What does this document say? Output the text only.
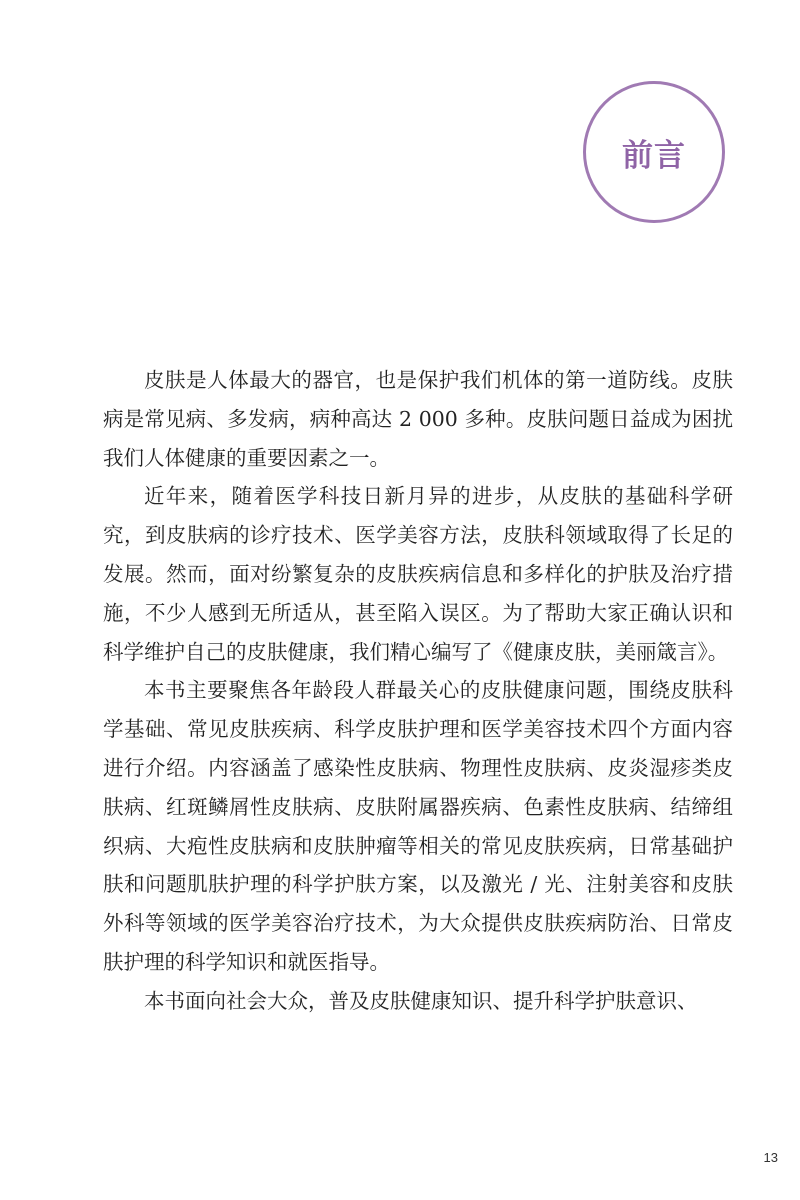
前言

皮肤是人体最大的器官，也是保护我们机体的第一道防线。皮肤病是常见病、多发病，病种高达 2 000 多种。皮肤问题日益成为困扰我们人体健康的重要因素之一。

近年来，随着医学科技日新月异的进步，从皮肤的基础科学研究，到皮肤病的诊疗技术、医学美容方法，皮肤科领域取得了长足的发展。然而，面对纷繁复杂的皮肤疾病信息和多样化的护肤及治疗措施，不少人感到无所适从，甚至陷入误区。为了帮助大家正确认识和科学维护自己的皮肤健康，我们精心编写了《健康皮肤，美丽箴言》。

本书主要聚焦各年龄段人群最关心的皮肤健康问题，围绕皮肤科学基础、常见皮肤疾病、科学皮肤护理和医学美容技术四个方面内容进行介绍。内容涵盖了感染性皮肤病、物理性皮肤病、皮炎湿疹类皮肤病、红斑鳞屑性皮肤病、皮肤附属器疾病、色素性皮肤病、结缔组织病、大疱性皮肤病和皮肤肿瘤等相关的常见皮肤疾病，日常基础护肤和问题肌肤护理的科学护肤方案，以及激光 / 光、注射美容和皮肤外科等领域的医学美容治疗技术，为大众提供皮肤疾病防治、日常皮肤护理的科学知识和就医指导。

本书面向社会大众，普及皮肤健康知识、提升科学护肤意识、

13
